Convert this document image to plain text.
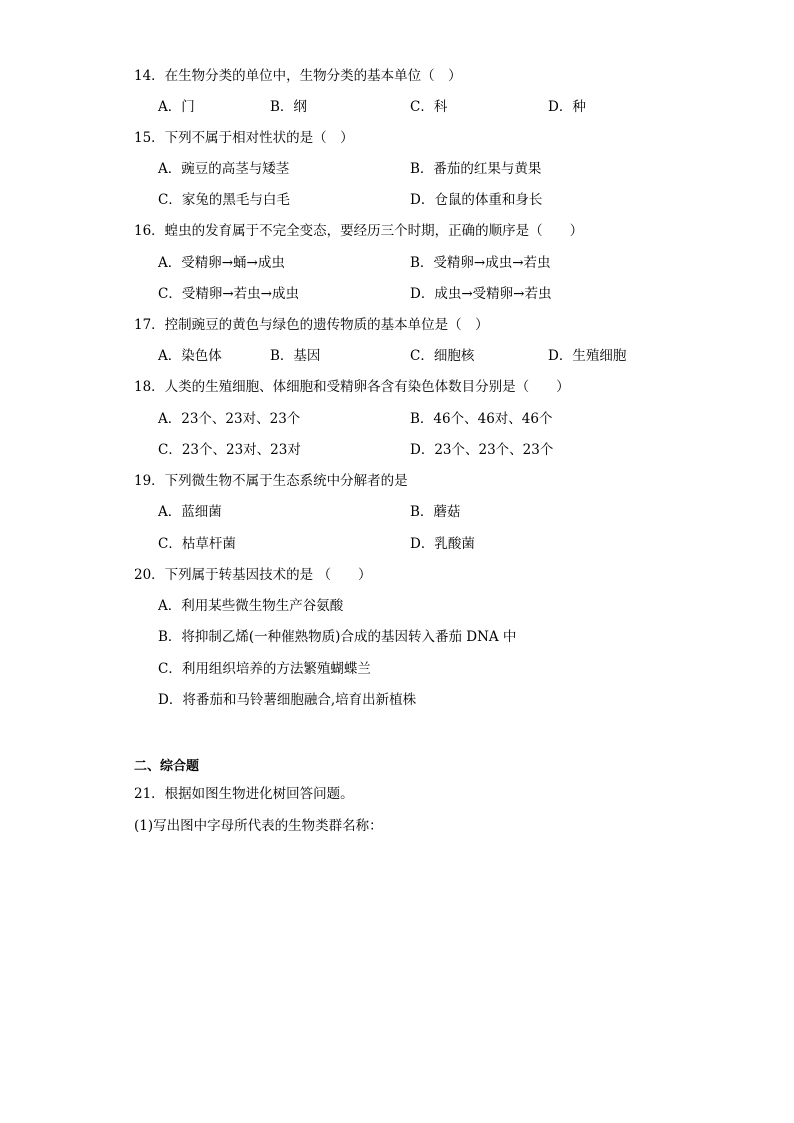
14．在生物分类的单位中，生物分类的基本单位（　）
A．门	B．纲	C．科	D．种
15．下列不属于相对性状的是（　）
A．豌豆的高茎与矮茎	B．番茄的红果与黄果
C．家兔的黑毛与白毛	D．仓鼠的体重和身长
16．蝗虫的发育属于不完全变态，要经历三个时期，正确的顺序是（　　）
A．受精卵→蛹→成虫	B．受精卵→成虫→若虫
C．受精卵→若虫→成虫	D．成虫→受精卵→若虫
17．控制豌豆的黄色与绿色的遗传物质的基本单位是（　）
A．染色体	B．基因	C．细胞核	D．生殖细胞
18．人类的生殖细胞、体细胞和受精卵各含有染色体数目分别是（　　）
A．23个、23对、23个	B．46个、46对、46个
C．23个、23对、23对	D．23个、23个、23个
19．下列微生物不属于生态系统中分解者的是
A．蓝细菌	B．蘑菇
C．枯草杆菌	D．乳酸菌
20．下列属于转基因技术的是 （　　）
A．利用某些微生物生产谷氨酸
B．将抑制乙烯(一种催熟物质)合成的基因转入番茄 DNA 中
C．利用组织培养的方法繁殖蝴蝶兰
D．将番茄和马铃薯细胞融合,培育出新植株
二、综合题
21．根据如图生物进化树回答问题。
(1)写出图中字母所代表的生物类群名称：
